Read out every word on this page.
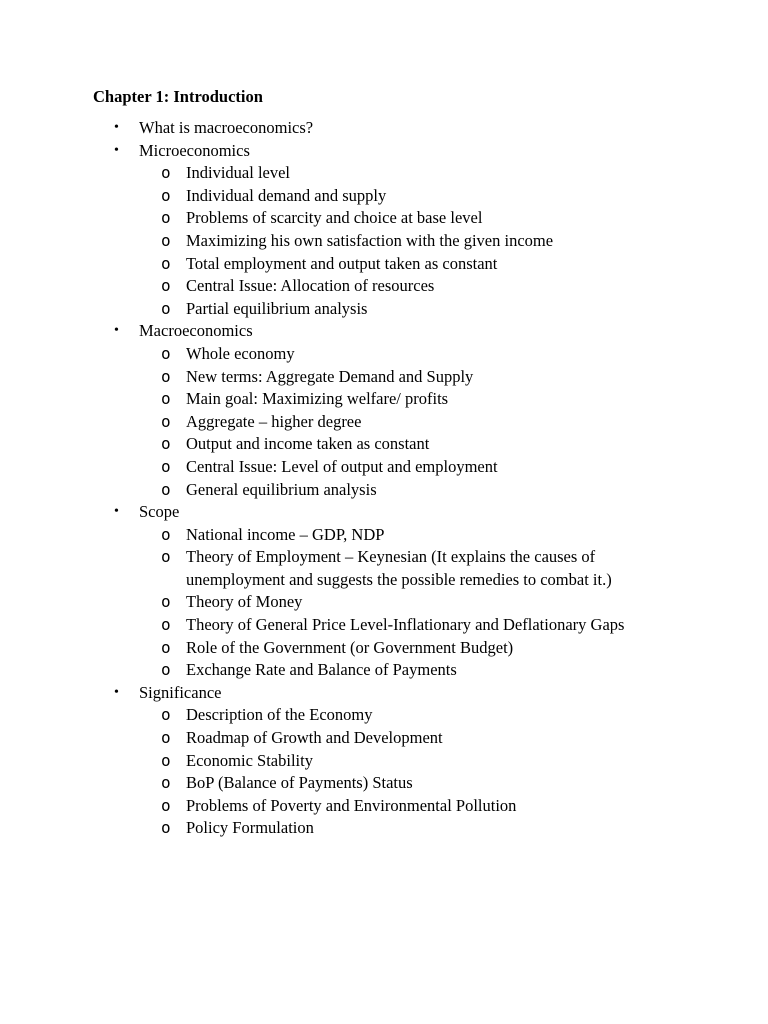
Chapter 1: Introduction
• What is macroeconomics?
• Microeconomics
o Individual level
o Individual demand and supply
o Problems of scarcity and choice at base level
o Maximizing his own satisfaction with the given income
o Total employment and output taken as constant
o Central Issue: Allocation of resources
o Partial equilibrium analysis
• Macroeconomics
o Whole economy
o New terms: Aggregate Demand and Supply
o Main goal: Maximizing welfare/ profits
o Aggregate – higher degree
o Output and income taken as constant
o Central Issue: Level of output and employment
o General equilibrium analysis
• Scope
o National income – GDP, NDP
o Theory of Employment – Keynesian (It explains the causes of unemployment and suggests the possible remedies to combat it.)
o Theory of Money
o Theory of General Price Level-Inflationary and Deflationary Gaps
o Role of the Government (or Government Budget)
o Exchange Rate and Balance of Payments
• Significance
o Description of the Economy
o Roadmap of Growth and Development
o Economic Stability
o BoP (Balance of Payments) Status
o Problems of Poverty and Environmental Pollution
o Policy Formulation
